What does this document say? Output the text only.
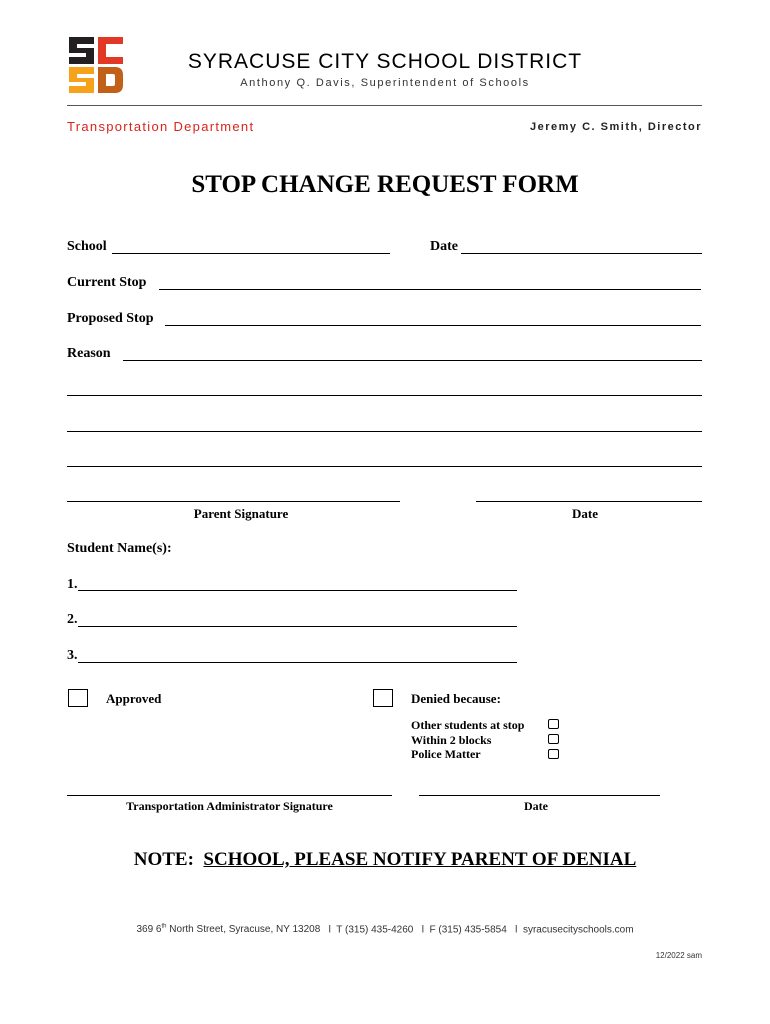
SYRACUSE CITY SCHOOL DISTRICT
Anthony Q. Davis, Superintendent of Schools
Transportation Department	Jeremy C. Smith, Director
STOP CHANGE REQUEST FORM
School	Date
Current Stop
Proposed Stop
Reason
Parent Signature	Date
Student Name(s):
1.
2.
3.
Approved	Denied because:
Other students at stop
Within 2 blocks
Police Matter
Transportation Administrator Signature	Date
NOTE: SCHOOL, PLEASE NOTIFY PARENT OF DENIAL
369 6th North Street, Syracuse, NY 13208 l T (315) 435-4260 l F (315) 435-5854 l syracusecityschools.com
12/2022 sam
